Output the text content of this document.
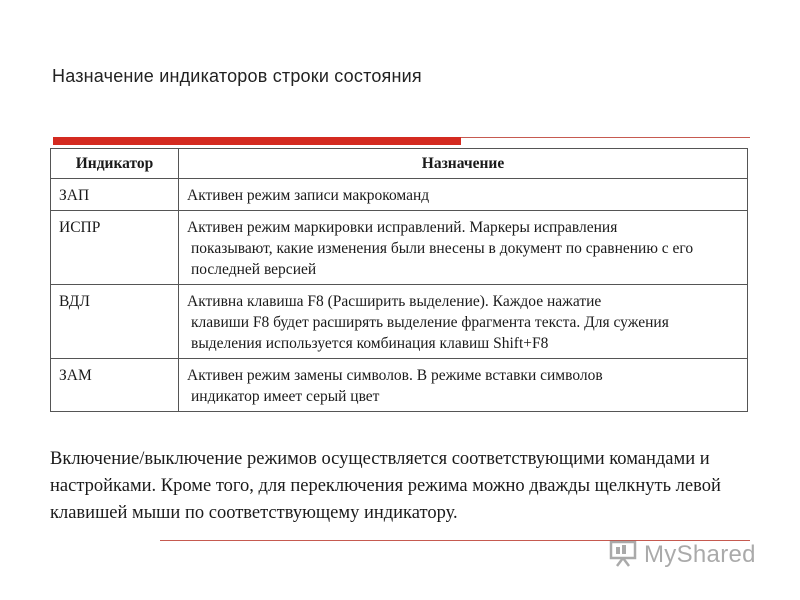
Назначение индикаторов строки состояния
Индикатор	Назначение
ЗАП	Активен режим записи макрокоманд

ИСПР	Активен режим маркировки исправлений. Маркеры исправления
показывают, какие изменения были внесены в документ по сравнению с его последней версией

ВДЛ	Активна клавиша F8 (Расширить выделение). Каждое нажатие
клавиши F8 будет расширять выделение фрагмента текста. Для сужения выделения используется комбинация клавиш Shift+F8

ЗАМ	Активен режим замены символов. В режиме вставки символов
индикатор имеет серый цвет
Включение/выключение режимов осуществляется соответствующими командами и настройками. Кроме того, для переключения режима можно дважды щелкнуть левой клавишей мыши по соответствующему индикатору.
MyShared
